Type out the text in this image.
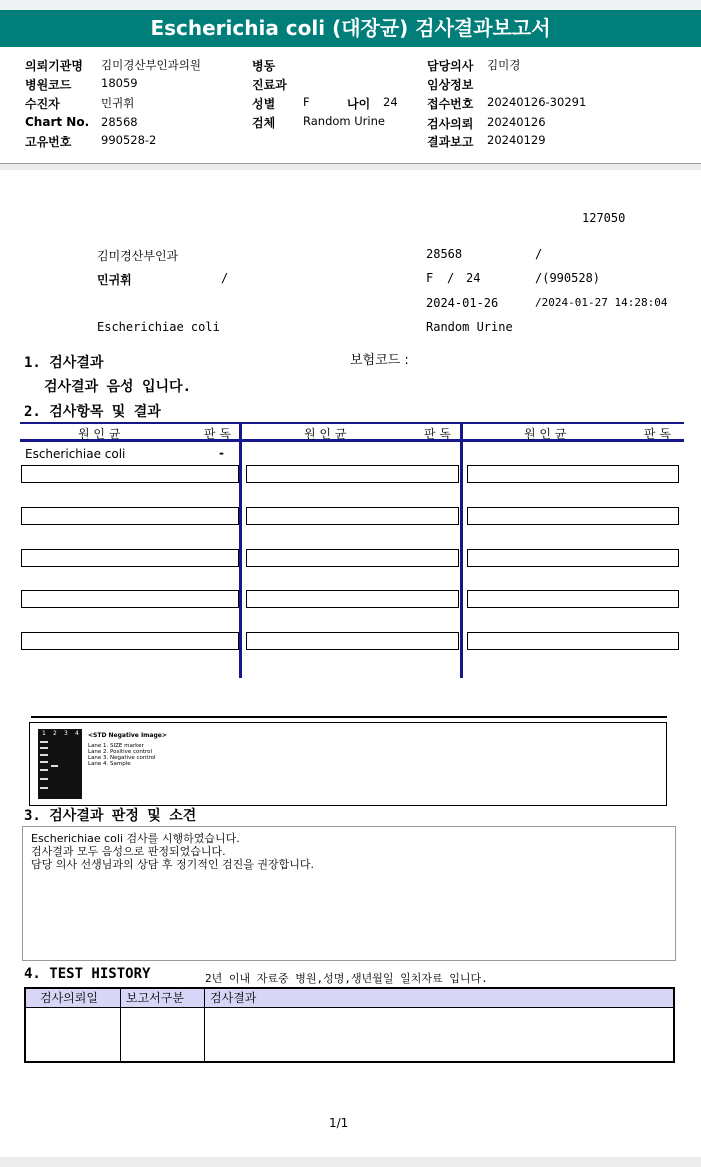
Escherichia coli (대장균) 검사결과보고서
의뢰기관명 김미경산부인과의원
병원코드	18059
수진자	민귀휘
Chart No. 28568
고유번호	990528-2
병동
진료과
성별 F	나이 24
검체 Random Urine
담당의사 김미경
임상정보
접수번호 20240126-30291
검사의뢰 20240126
결과보고 20240129
127050
김미경산부인과	28568	/
민귀휘	/	F / 24	/(990528)
2024-01-26	/2024-01-27 14:28:04
Escherichiae coli	Random Urine
1. 검사결과	보험코드 :
검사결과 음성 입니다.
2. 검사항목 및 결과
원 인 균	판 독	원 인 균	판 독	원 인 균	판 독
Escherichiae coli	-
1 2 3 4 <STD Negative Image>
Lane 1. SIZE marker
Lane 2. Positive control
Lane 3. Negative control
Lane 4. Sample
3. 검사결과 판정 및 소견
Escherichiae coli 검사를 시행하였습니다.
검사결과 모두 음성으로 판정되었습니다.
담당 의사 선생님과의 상담 후 정기적인 검진을 권장합니다.
4. TEST HISTORY	2년 이내 자료중 병원,성명,생년월일 일치자료 입니다.
검사의뢰일 보고서구분 검사결과
1/1
